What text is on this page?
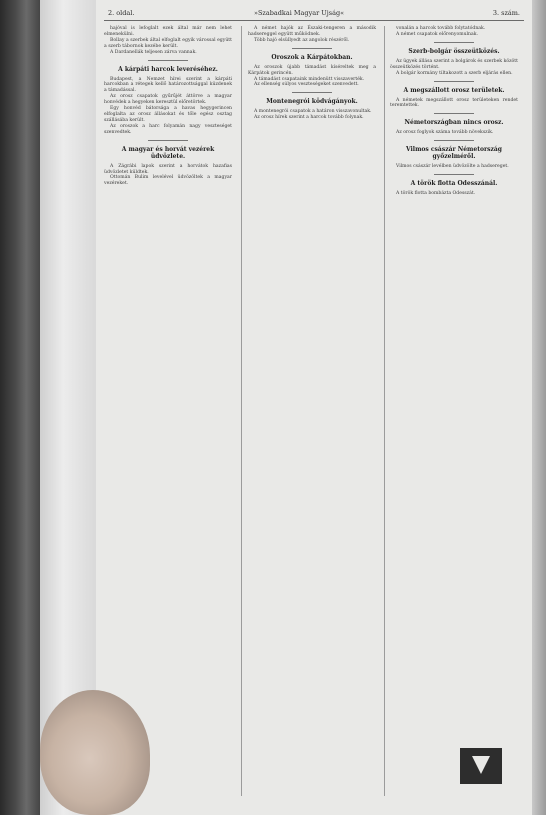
2. oldal.	»Szabadkai Magyar Ujság«	3. szám.

hajóval is lefoglalt ezek által már nem lehet elmenekülni.

Bollay a szerbek által elfoglalt egyik várossal együtt a szerb tábornok kezébe került.

A Dardanellák teljesen zárva vannak.

A kárpáti harcok leveréséhez.

Budapest, a Nemzet hírei szerint a kárpáti harcokban a rétegek kellő határozottsággal küzdenek a támadással.

Az orosz csapatok gyűrűjét áttörve a magyar honvédek a hegyeken keresztül előretörtek.

Egy honvéd bátorsága a havas hegygerincen elfoglalta az orosz állásokat és tőle egész osztag szállásába került.

Az oroszok a harc folyamán nagy veszteséget szenvedtek.

A magyar és horvát vezérek üdvözlete.

A Zágrábi lapok szerint a horvátok hazafias üdvözletet küldtek.

Ottomán Bulim levelével üdvözöltek a magyar vezéreket.

A német hajók az Északi-tengeren a második hadsereggel együtt működnek.

Több hajó elsüllyedt az angolok részéről.

Oroszok a Kárpátokban.

Az oroszok újabb támadást kíséreltek meg a Kárpátok gerincén.

A támadást csapataink mindenütt visszaverték.

Az ellenség súlyos veszteségeket szenvedett.

Montenegrói ködvágányok.

A montenegrói csapatok a határon visszavonultak.

Az orosz hírek szerint a harcok tovább folynak.

vonalán a harcok tovább folytatódnak.

A német csapatok előrenyomulnak.

Szerb-bolgár összeütközés.

Az ügyek állása szerint a bolgárok és szerbek között összeütközés történt.

A bolgár kormány tiltakozott a szerb eljárás ellen.

A megszállott orosz területek.

A németek megszállott orosz területeken rendet teremtettek.

Németországban nincs orosz.

Az orosz foglyok száma tovább növekszik.

Vilmos császár Németország győzelméről.

Vilmos császár levélben üdvözölte a hadsereget.

A török flotta Odesszánál.

A török flotta bombázta Odesszát.
